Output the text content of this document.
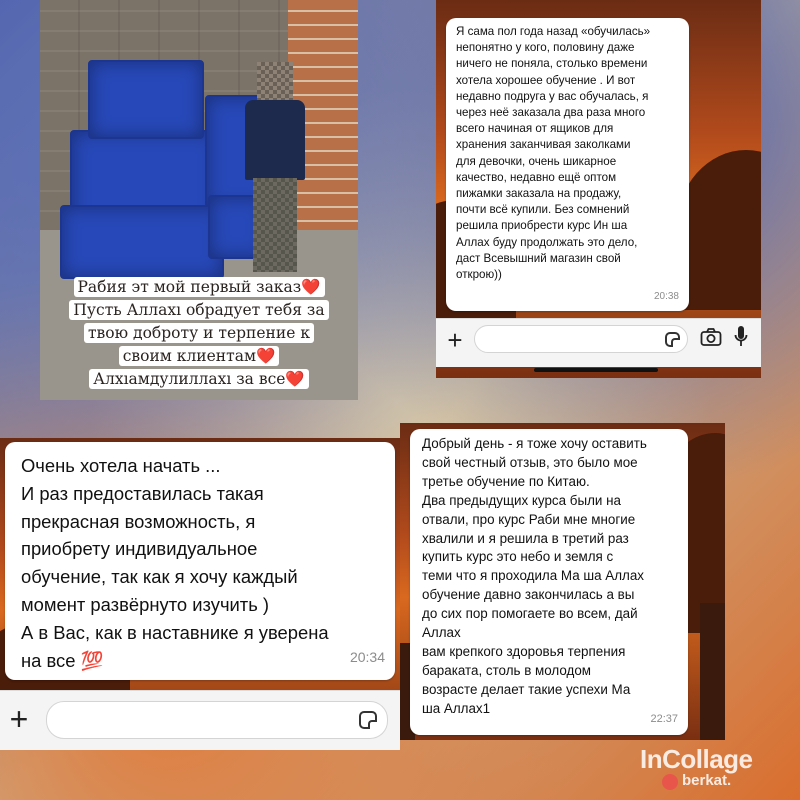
Рабия эт мой первый заказ❤️
Пусть Аллахı обрадует тебя за
твою доброту и терпение к
своим клиентам❤️
Алхıамдулиллахı за все❤️
Я сама пол года назад «обучилась»
непонятно у кого, половину даже
ничего не поняла, столько времени
хотела хорошее обучение . И вот
недавно подруга у вас обучалась, я
через неё заказала два раза много
всего начиная от ящиков для
хранения заканчивая заколками
для девочки, очень шикарное
качество, недавно ещё оптом
пижамки заказала на продажу,
почти всё купили. Без сомнений
решила приобрести курс Ин ша
Аллах буду продолжать это дело,
даст Всевышний магазин свой
открою))
20:38
+
Очень хотела начать ...
И раз предоставилась такая
прекрасная возможность, я
приобрету индивидуальное
обучение, так как я хочу каждый
момент развёрнуто изучить )
А в Вас, как в наставнике я уверена
на все 💯	20:34
+
Добрый день - я тоже хочу оставить
свой честный отзыв, это было мое
третье обучение по Китаю.
Два предыдущих курса были на
отвали, про курс Раби мне многие
хвалили и я решила в третий раз
купить курс это небо и земля с
теми что я проходила Ма ша Аллах
обучение давно закончилась а вы
до сих пор помогаете во всем, дай
Аллах
вам крепкого здоровья терпения
бараката, столь в молодом
возрасте делает такие успехи Ма
ша Аллах1
22:37
InCollage
berkat.
